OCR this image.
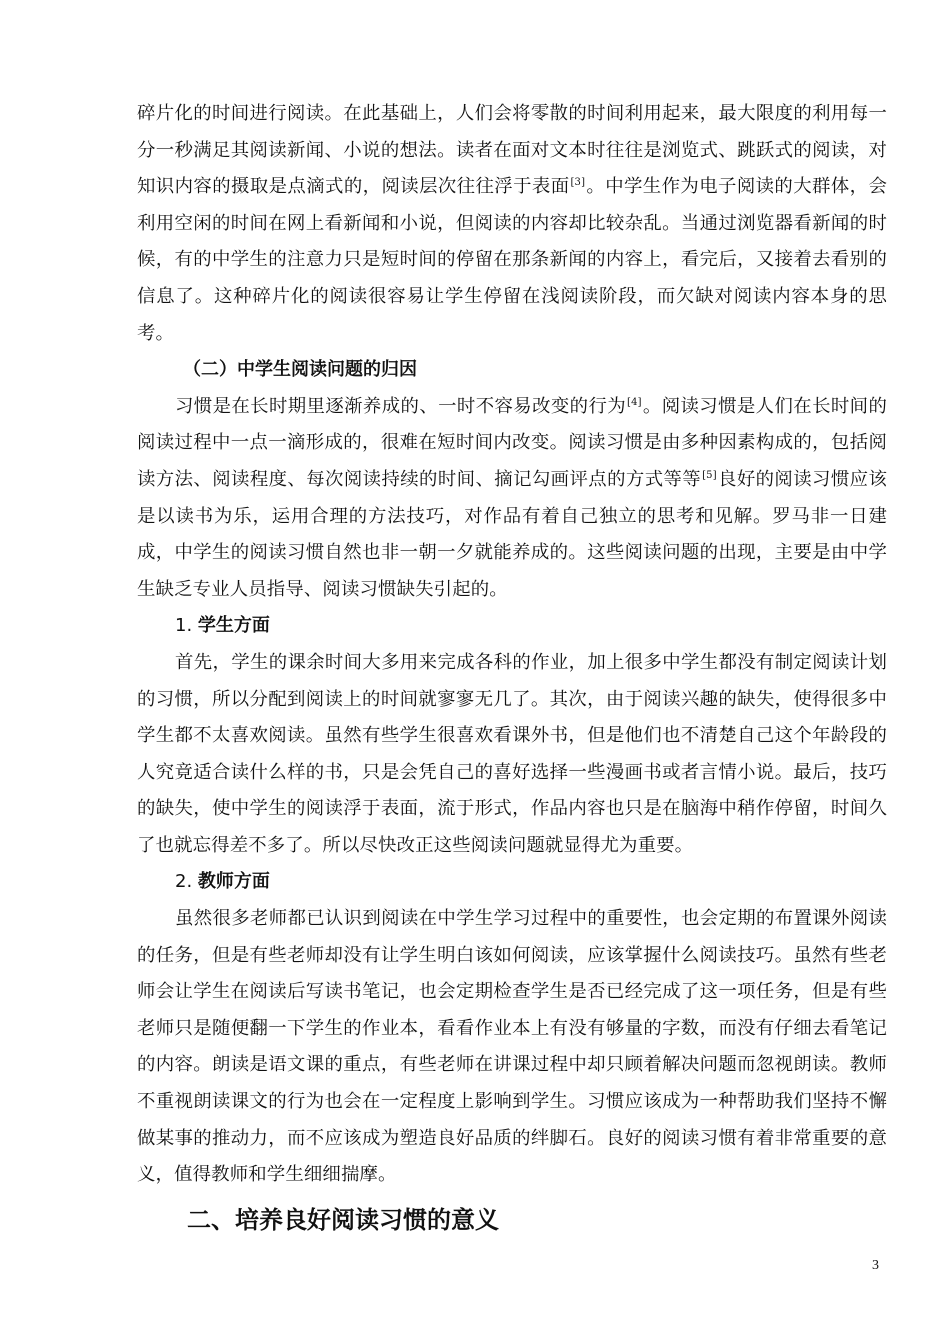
碎片化的时间进行阅读。在此基础上，人们会将零散的时间利用起来，最大限度的利用每一分一秒满足其阅读新闻、小说的想法。读者在面对文本时往往是浏览式、跳跃式的阅读，对知识内容的摄取是点滴式的，阅读层次往往浮于表面[3]。中学生作为电子阅读的大群体，会利用空闲的时间在网上看新闻和小说，但阅读的内容却比较杂乱。当通过浏览器看新闻的时候，有的中学生的注意力只是短时间的停留在那条新闻的内容上，看完后，又接着去看别的信息了。这种碎片化的阅读很容易让学生停留在浅阅读阶段，而欠缺对阅读内容本身的思考。

（二）中学生阅读问题的归因

习惯是在长时期里逐渐养成的、一时不容易改变的行为[4]。阅读习惯是人们在长时间的阅读过程中一点一滴形成的，很难在短时间内改变。阅读习惯是由多种因素构成的，包括阅读方法、阅读程度、每次阅读持续的时间、摘记勾画评点的方式等等[5]良好的阅读习惯应该是以读书为乐，运用合理的方法技巧，对作品有着自己独立的思考和见解。罗马非一日建成，中学生的阅读习惯自然也非一朝一夕就能养成的。这些阅读问题的出现，主要是由中学生缺乏专业人员指导、阅读习惯缺失引起的。

1. 学生方面

首先，学生的课余时间大多用来完成各科的作业，加上很多中学生都没有制定阅读计划的习惯，所以分配到阅读上的时间就寥寥无几了。其次，由于阅读兴趣的缺失，使得很多中学生都不太喜欢阅读。虽然有些学生很喜欢看课外书，但是他们也不清楚自己这个年龄段的人究竟适合读什么样的书，只是会凭自己的喜好选择一些漫画书或者言情小说。最后，技巧的缺失，使中学生的阅读浮于表面，流于形式，作品内容也只是在脑海中稍作停留，时间久了也就忘得差不多了。所以尽快改正这些阅读问题就显得尤为重要。

2. 教师方面

虽然很多老师都已认识到阅读在中学生学习过程中的重要性，也会定期的布置课外阅读的任务，但是有些老师却没有让学生明白该如何阅读，应该掌握什么阅读技巧。虽然有些老师会让学生在阅读后写读书笔记，也会定期检查学生是否已经完成了这一项任务，但是有些老师只是随便翻一下学生的作业本，看看作业本上有没有够量的字数，而没有仔细去看笔记的内容。朗读是语文课的重点，有些老师在讲课过程中却只顾着解决问题而忽视朗读。教师不重视朗读课文的行为也会在一定程度上影响到学生。习惯应该成为一种帮助我们坚持不懈做某事的推动力，而不应该成为塑造良好品质的绊脚石。良好的阅读习惯有着非常重要的意义，值得教师和学生细细揣摩。

二、培养良好阅读习惯的意义

3
